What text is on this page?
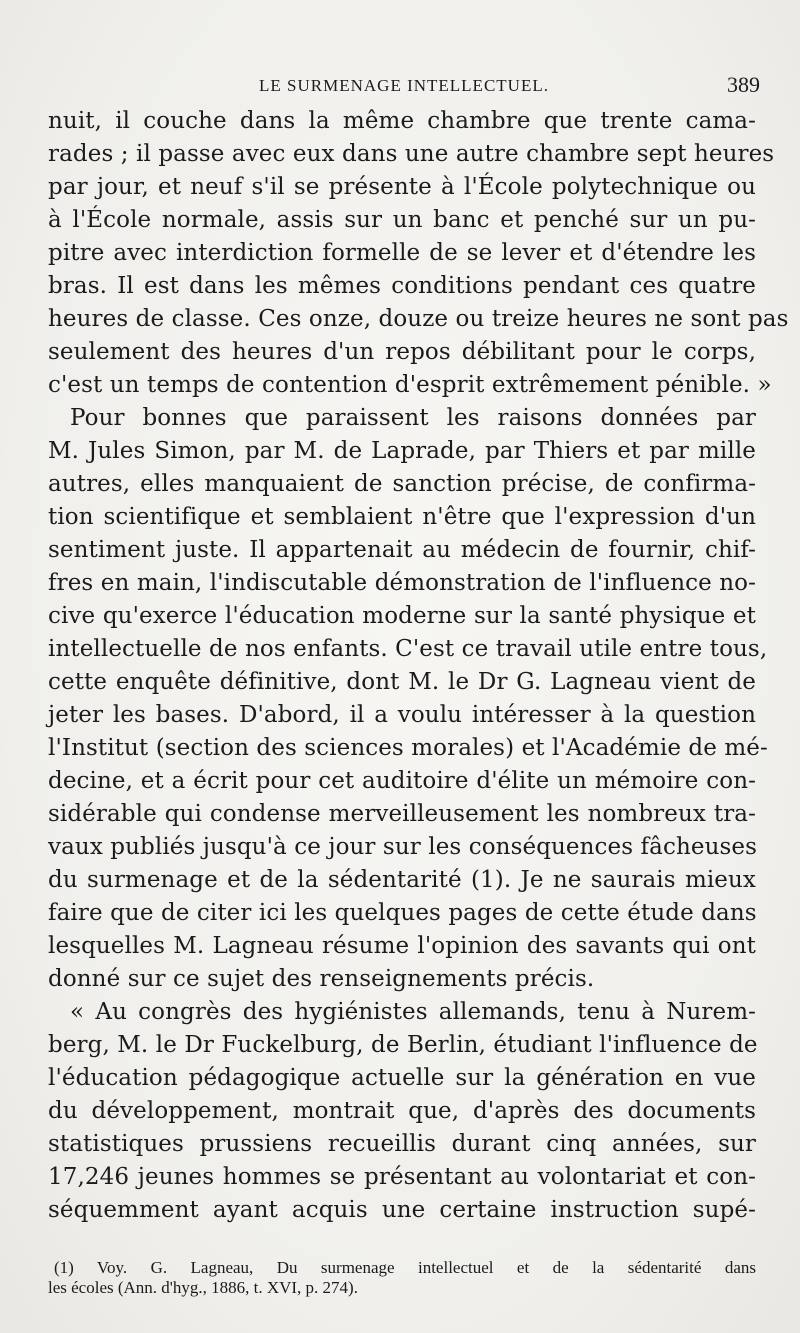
LE SURMENAGE INTELLECTUEL.	389
nuit, il couche dans la même chambre que trente cama-
rades ; il passe avec eux dans une autre chambre sept heures
par jour, et neuf s'il se présente à l'École polytechnique ou
à l'École normale, assis sur un banc et penché sur un pu-
pitre avec interdiction formelle de se lever et d'étendre les
bras. Il est dans les mêmes conditions pendant ces quatre
heures de classe. Ces onze, douze ou treize heures ne sont pas
seulement des heures d'un repos débilitant pour le corps,
c'est un temps de contention d'esprit extrêmement pénible. »
Pour bonnes que paraissent les raisons données par
M. Jules Simon, par M. de Laprade, par Thiers et par mille
autres, elles manquaient de sanction précise, de confirma-
tion scientifique et semblaient n'être que l'expression d'un
sentiment juste. Il appartenait au médecin de fournir, chif-
fres en main, l'indiscutable démonstration de l'influence no-
cive qu'exerce l'éducation moderne sur la santé physique et
intellectuelle de nos enfants. C'est ce travail utile entre tous,
cette enquête définitive, dont M. le Dr G. Lagneau vient de
jeter les bases. D'abord, il a voulu intéresser à la question
l'Institut (section des sciences morales) et l'Académie de mé-
decine, et a écrit pour cet auditoire d'élite un mémoire con-
sidérable qui condense merveilleusement les nombreux tra-
vaux publiés jusqu'à ce jour sur les conséquences fâcheuses
du surmenage et de la sédentarité (1). Je ne saurais mieux
faire que de citer ici les quelques pages de cette étude dans
lesquelles M. Lagneau résume l'opinion des savants qui ont
donné sur ce sujet des renseignements précis.
« Au congrès des hygiénistes allemands, tenu à Nurem-
berg, M. le Dr Fuckelburg, de Berlin, étudiant l'influence de
l'éducation pédagogique actuelle sur la génération en vue
du développement, montrait que, d'après des documents
statistiques prussiens recueillis durant cinq années, sur
17,246 jeunes hommes se présentant au volontariat et con-
séquemment ayant acquis une certaine instruction supé-
(1) Voy. G. Lagneau, Du surmenage intellectuel et de la sédentarité dans
les écoles (Ann. d'hyg., 1886, t. XVI, p. 274).
